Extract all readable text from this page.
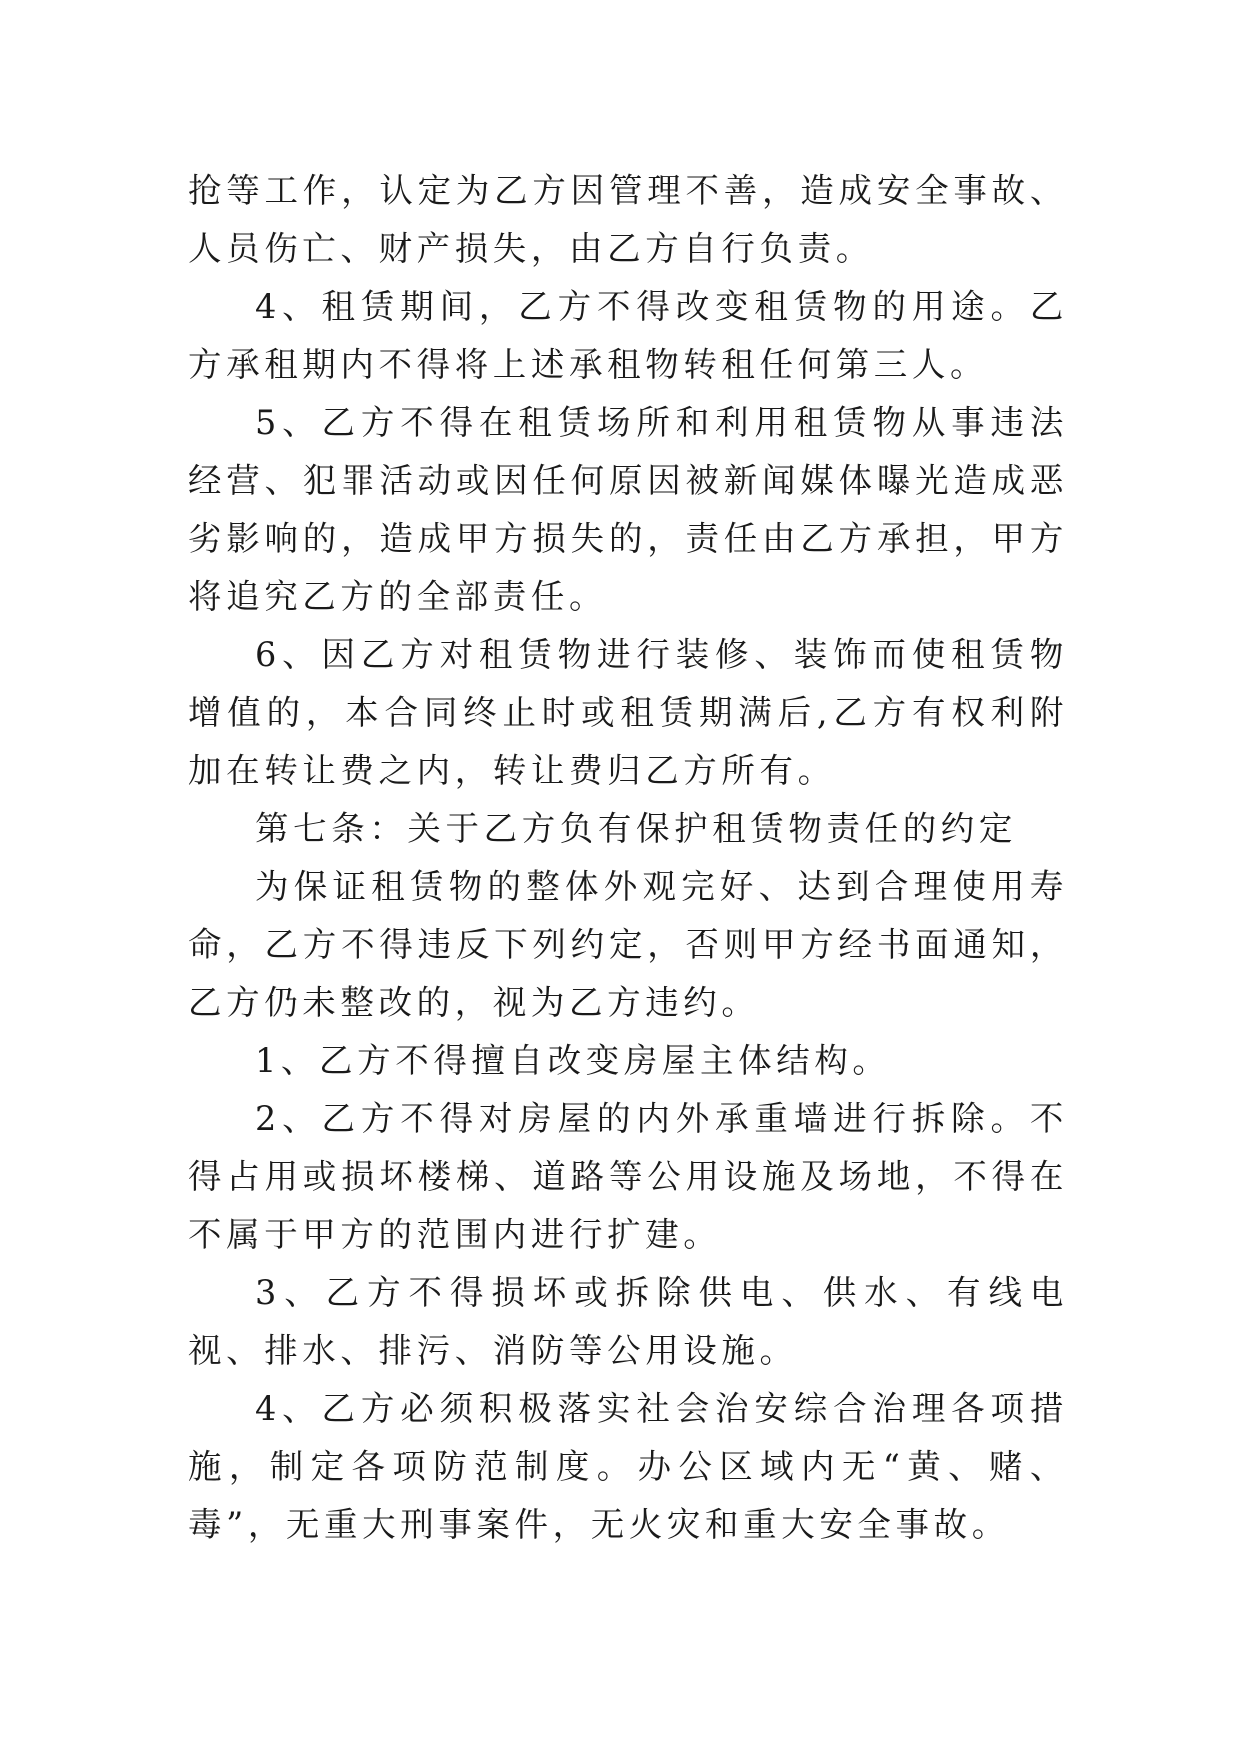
抢等工作，认定为乙方因管理不善，造成安全事故、人员伤亡、财产损失，由乙方自行负责。

4、租赁期间，乙方不得改变租赁物的用途。乙方承租期内不得将上述承租物转租任何第三人。

5、乙方不得在租赁场所和利用租赁物从事违法经营、犯罪活动或因任何原因被新闻媒体曝光造成恶劣影响的，造成甲方损失的，责任由乙方承担，甲方将追究乙方的全部责任。

6、因乙方对租赁物进行装修、装饰而使租赁物增值的，本合同终止时或租赁期满后,乙方有权利附加在转让费之内，转让费归乙方所有。

第七条：关于乙方负有保护租赁物责任的约定

为保证租赁物的整体外观完好、达到合理使用寿命，乙方不得违反下列约定，否则甲方经书面通知，乙方仍未整改的，视为乙方违约。

1、乙方不得擅自改变房屋主体结构。

2、乙方不得对房屋的内外承重墙进行拆除。不得占用或损坏楼梯、道路等公用设施及场地，不得在不属于甲方的范围内进行扩建。

3、乙方不得损坏或拆除供电、供水、有线电视、排水、排污、消防等公用设施。

4、乙方必须积极落实社会治安综合治理各项措施，制定各项防范制度。办公区域内无“黄、赌、毒”，无重大刑事案件，无火灾和重大安全事故。
